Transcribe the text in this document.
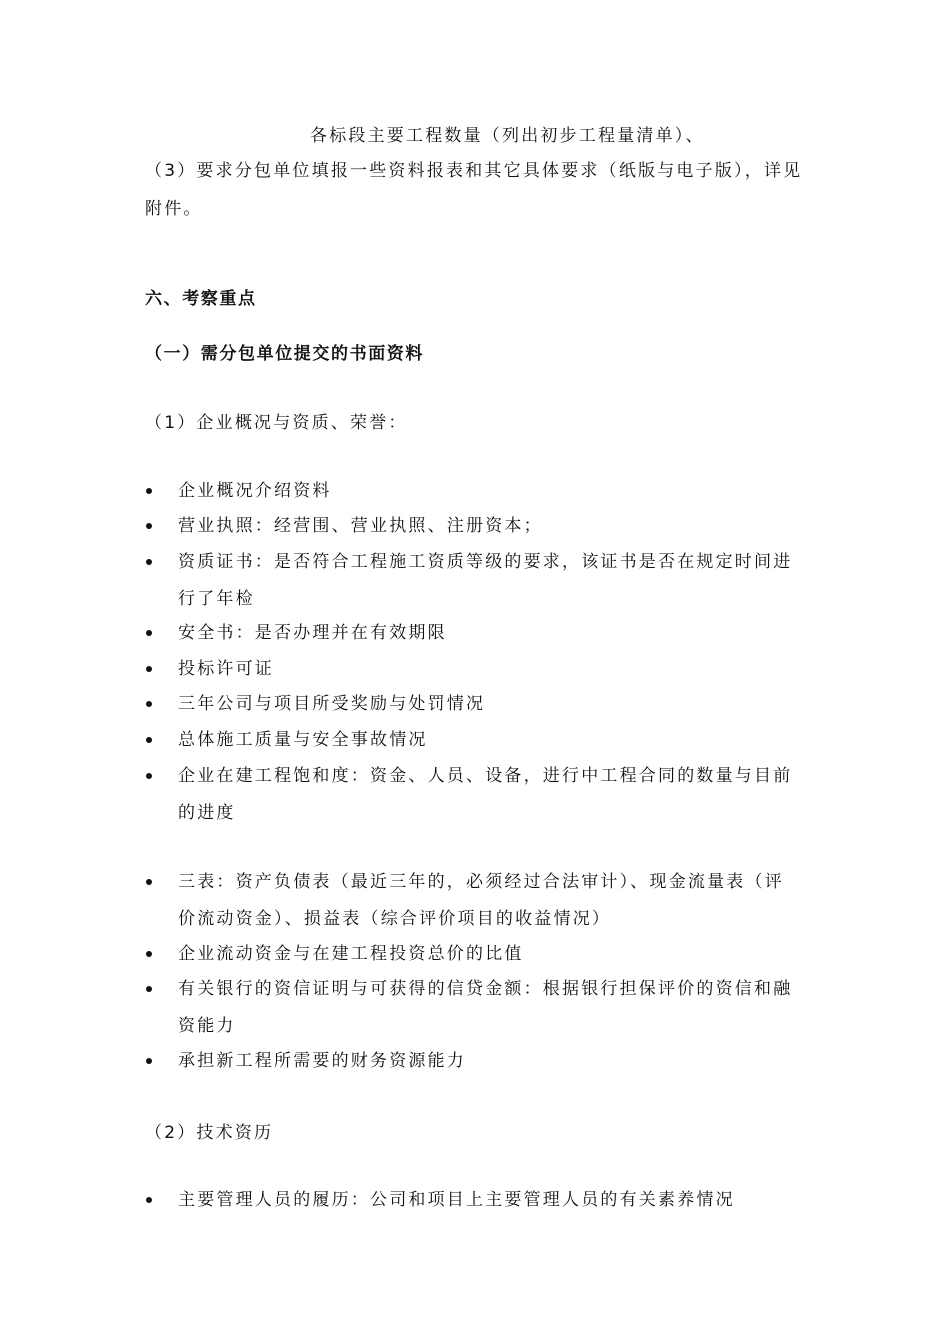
各标段主要工程数量（列出初步工程量清单）、
（3）要求分包单位填报一些资料报表和其它具体要求（纸版与电子版），详见
附件。
六、考察重点
（一）需分包单位提交的书面资料
（1）企业概况与资质、荣誉：
企业概况介绍资料
营业执照：经营围、营业执照、注册资本；
资质证书：是否符合工程施工资质等级的要求，该证书是否在规定时间进
行了年检
安全书：是否办理并在有效期限
投标许可证
三年公司与项目所受奖励与处罚情况
总体施工质量与安全事故情况
企业在建工程饱和度：资金、人员、设备，进行中工程合同的数量与目前
的进度
三表：资产负债表（最近三年的，必须经过合法审计）、现金流量表（评
价流动资金）、损益表（综合评价项目的收益情况）
企业流动资金与在建工程投资总价的比值
有关银行的资信证明与可获得的信贷金额：根据银行担保评价的资信和融
资能力
承担新工程所需要的财务资源能力
（2）技术资历
主要管理人员的履历：公司和项目上主要管理人员的有关素养情况
